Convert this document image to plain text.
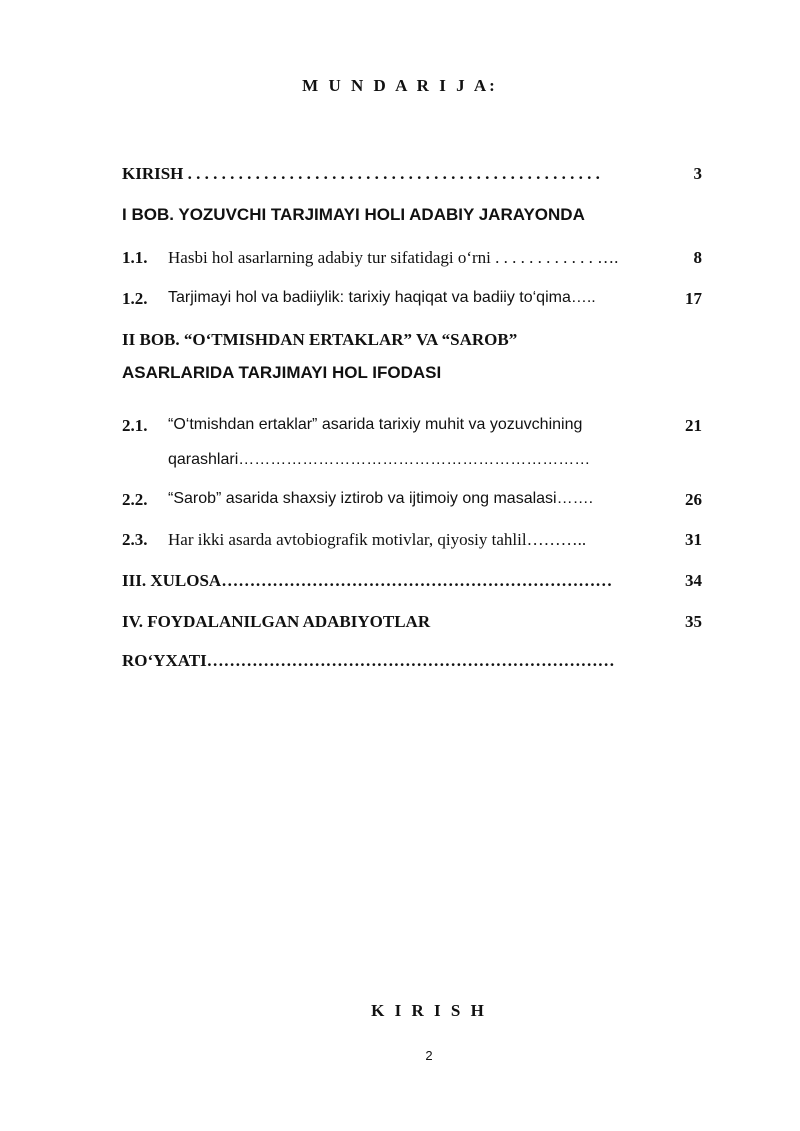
M U N D A R I J A:
KIRISH . . . . . . . . . . . . . . . . . . . . . . . . . . . . . . . . . . . . . . . . . . . . . . . . .	3
I BOB. YOZUVCHI TARJIMAYI HOLI ADABIY JARAYONDA
1.1. Hasbi hol asarlarning adabiy tur sifatidagi o‘rni . . . . . . . . . . . . ….	8
1.2. Tarjimayi hol va badiiylik: tarixiy haqiqat va badiiy to‘qima…..	17
II BOB. “O‘TMISHDAN ERTAKLAR” VA “SAROB”
ASARLARIDA TARJIMAYI HOL IFODASI
2.1. “O‘tmishdan ertaklar” asarida tarixiy muhit va yozuvchining	21
qarashlari…………………………………………………………
2.2. “Sarob” asarida shaxsiy iztirob va ijtimoiy ong masalasi…….	26
2.3. Har ikki asarda avtobiografik motivlar, qiyosiy tahlil………..	31
III. XULOSA……………………………………………………………	34
IV. FOYDALANILGAN ADABIYOTLAR	35
RO‘YXATI………………………………………………………………
K I R I S H
2
